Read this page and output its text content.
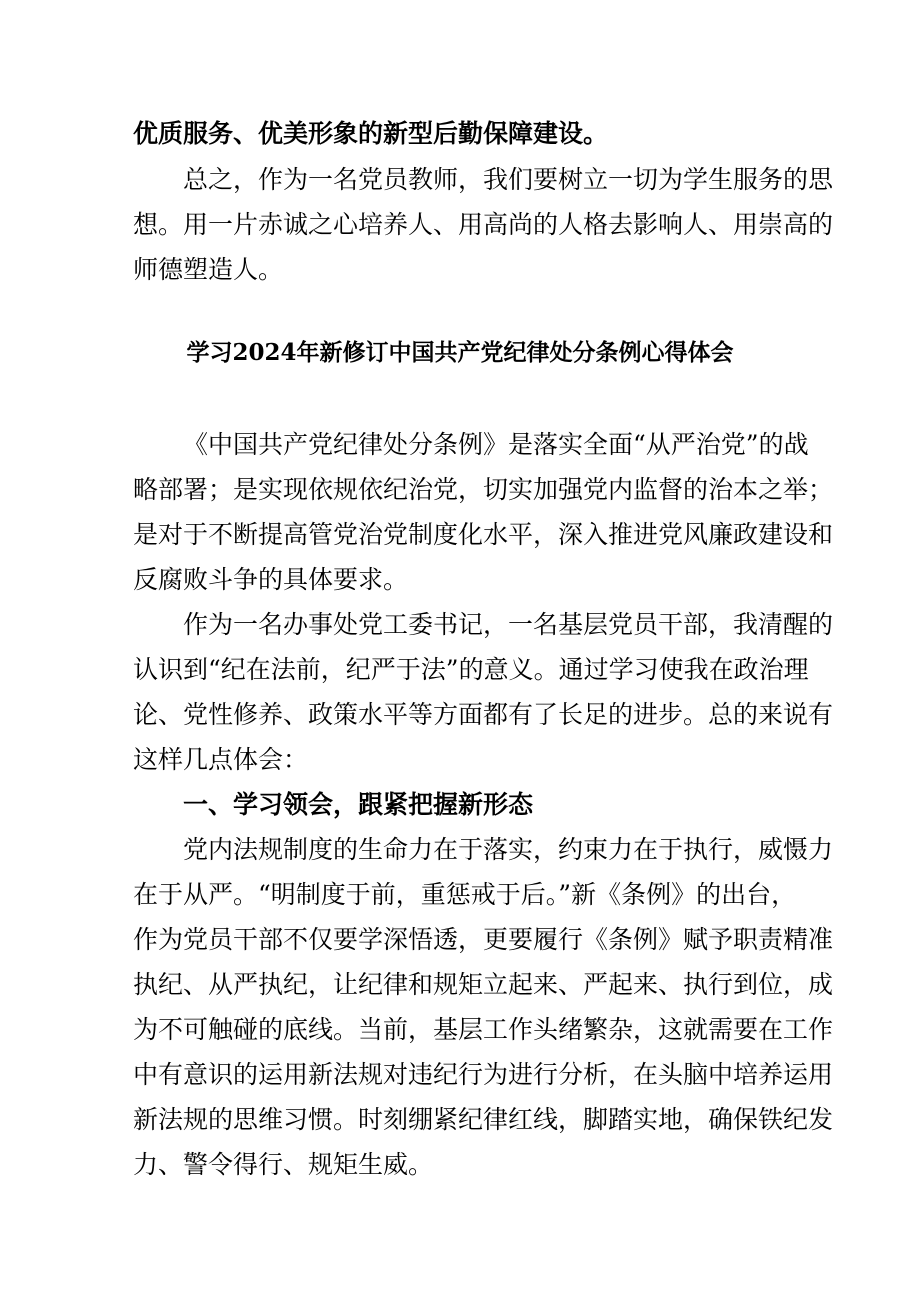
优质服务、优美形象的新型后勤保障建设。

总之，作为一名党员教师，我们要树立一切为学生服务的思

想。用一片赤诚之心培养人、用高尚的人格去影响人、用崇高的

师德塑造人。

学习2024年新修订中国共产党纪律处分条例心得体会

《中国共产党纪律处分条例》是落实全面“从严治党”的战

略部署；是实现依规依纪治党，切实加强党内监督的治本之举；

是对于不断提高管党治党制度化水平，深入推进党风廉政建设和

反腐败斗争的具体要求。

作为一名办事处党工委书记，一名基层党员干部，我清醒的

认识到“纪在法前，纪严于法”的意义。通过学习使我在政治理

论、党性修养、政策水平等方面都有了长足的进步。总的来说有

这样几点体会：

一、学习领会，跟紧把握新形态

党内法规制度的生命力在于落实，约束力在于执行，威慑力

在于从严。“明制度于前，重惩戒于后。”新《条例》的出台，

作为党员干部不仅要学深悟透，更要履行《条例》赋予职责精准

执纪、从严执纪，让纪律和规矩立起来、严起来、执行到位，成

为不可触碰的底线。当前，基层工作头绪繁杂，这就需要在工作

中有意识的运用新法规对违纪行为进行分析，在头脑中培养运用

新法规的思维习惯。时刻绷紧纪律红线，脚踏实地，确保铁纪发

力、警令得行、规矩生威。
